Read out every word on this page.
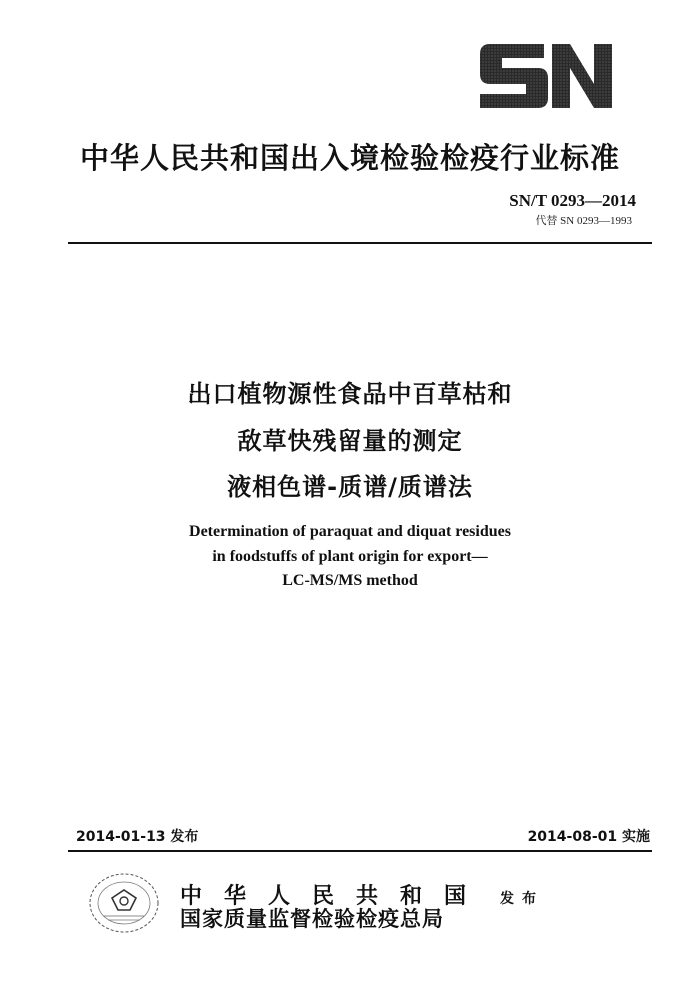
中华人民共和国出入境检验检疫行业标准
SN/T 0293—2014
代替 SN 0293—1993
出口植物源性食品中百草枯和
敌草快残留量的测定
液相色谱-质谱/质谱法
Determination of paraquat and diquat residues
in foodstuffs of plant origin for export—
LC-MS/MS method
2014-01-13 发布	2014-08-01 实施
中华人民共和国
国家质量监督检验检疫总局
发布
